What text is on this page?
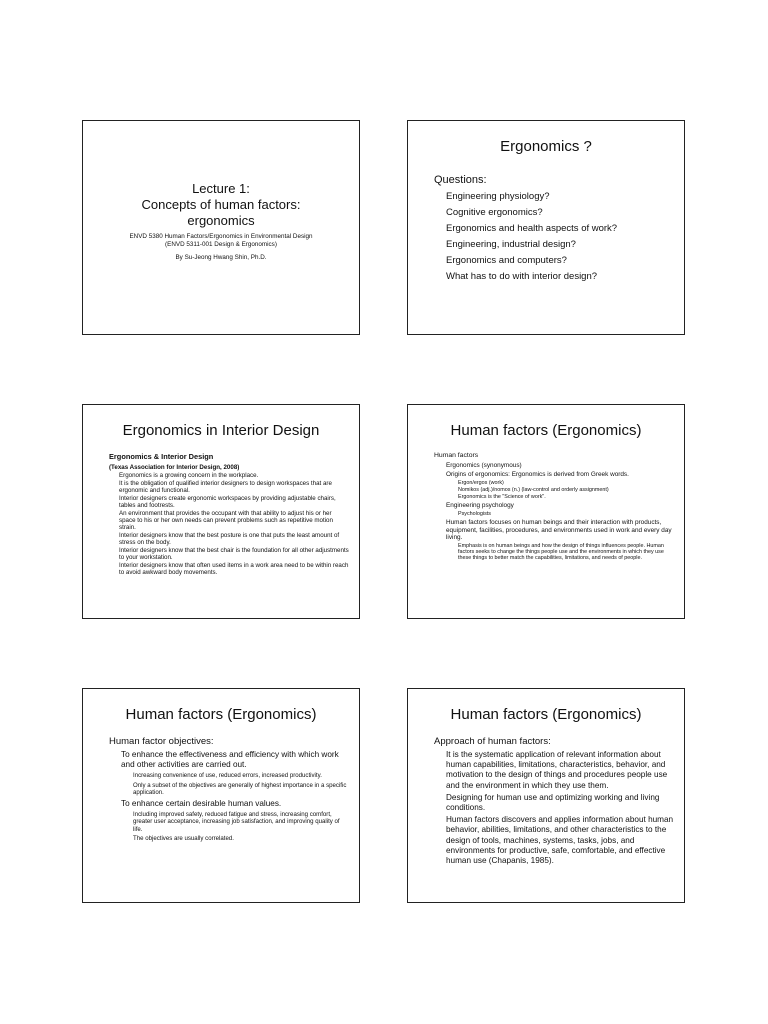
Lecture 1:
Concepts of human factors:
ergonomics
ENVD 5380 Human Factors/Ergonomics in Environmental Design
(ENVD 5311-001 Design & Ergonomics)
By Su-Jeong Hwang Shin, Ph.D.
Ergonomics ?
Questions:
Engineering physiology?
Cognitive ergonomics?
Ergonomics and health aspects of work?
Engineering, industrial design?
Ergonomics and computers?
What has to do with interior design?
Ergonomics in Interior Design
Ergonomics & Interior Design
(Texas Association for Interior Design, 2008)
Ergonomics is a growing concern in the workplace.
It is the obligation of qualified interior designers to design workspaces that are ergonomic and functional.
Interior designers create ergonomic workspaces by providing adjustable chairs, tables and footrests.
An environment that provides the occupant with that ability to adjust his or her space to his or her own needs can prevent problems such as repetitive motion strain.
Interior designers know that the best posture is one that puts the least amount of stress on the body.
Interior designers know that the best chair is the foundation for all other adjustments to your workstation.
Interior designers know that often used items in a work area need to be within reach to avoid awkward body movements.
Human factors (Ergonomics)
Human factors
Ergonomics (synonymous)
Origins of ergonomics: Ergonomics is derived from Greek words.
Ergon/ergos (work)
Nomikos (adj.)/nomos (n.) (law-control and orderly assignment)
Ergonomics is the "Science of work".
Engineering psychology
Psychologists
Human factors focuses on human beings and their interaction with products, equipment, facilities, procedures, and environments used in work and every day living.
Emphasis is on human beings and how the design of things influences people. Human factors seeks to change the things people use and the environments in which they use these things to better match the capabilities, limitations, and needs of people.
Human factors (Ergonomics)
Human factor objectives:
To enhance the effectiveness and efficiency with which work and other activities are carried out.
Increasing convenience of use, reduced errors, increased productivity.
Only a subset of the objectives are generally of highest importance in a specific application.
To enhance certain desirable human values.
Including improved safety, reduced fatigue and stress, increasing comfort, greater user acceptance, increasing job satisfaction, and improving quality of life.
The objectives are usually correlated.
Human factors (Ergonomics)
Approach of human factors:
It is the systematic application of relevant information about human capabilities, limitations, characteristics, behavior, and motivation to the design of things and procedures people use and the environment in which they use them.
Designing for human use and optimizing working and living conditions.
Human factors discovers and applies information about human behavior, abilities, limitations, and other characteristics to the design of tools, machines, systems, tasks, jobs, and environments for productive, safe, comfortable, and effective human use (Chapanis, 1985).
